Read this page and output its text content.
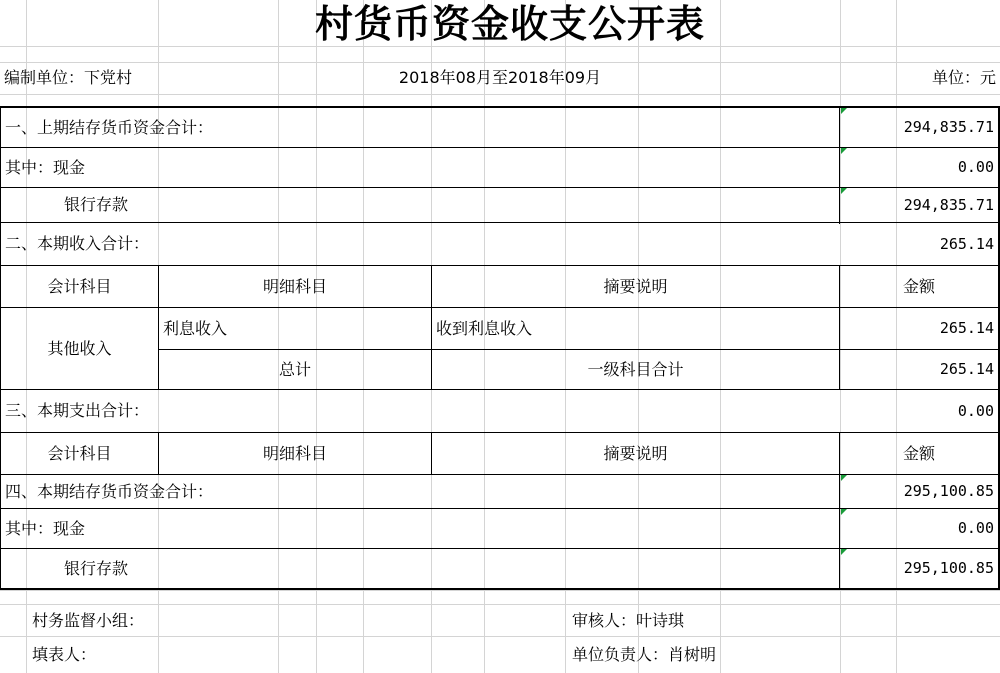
村货币资金收支公开表
编制单位：下党村	2018年08月至2018年09月	单位：元
一、上期结存货币资金合计：	294,835.71
其中：现金	0.00
银行存款	294,835.71
二、本期收入合计：	265.14
会计科目	明细科目	摘要说明	金额
其他收入
利息收入	收到利息收入	265.14
总计	一级科目合计	265.14
三、本期支出合计：	0.00
会计科目	明细科目	摘要说明	金额
四、本期结存货币资金合计：	295,100.85
其中：现金	0.00
银行存款	295,100.85
村务监督小组：	审核人：叶诗琪
填表人：	单位负责人：肖树明
